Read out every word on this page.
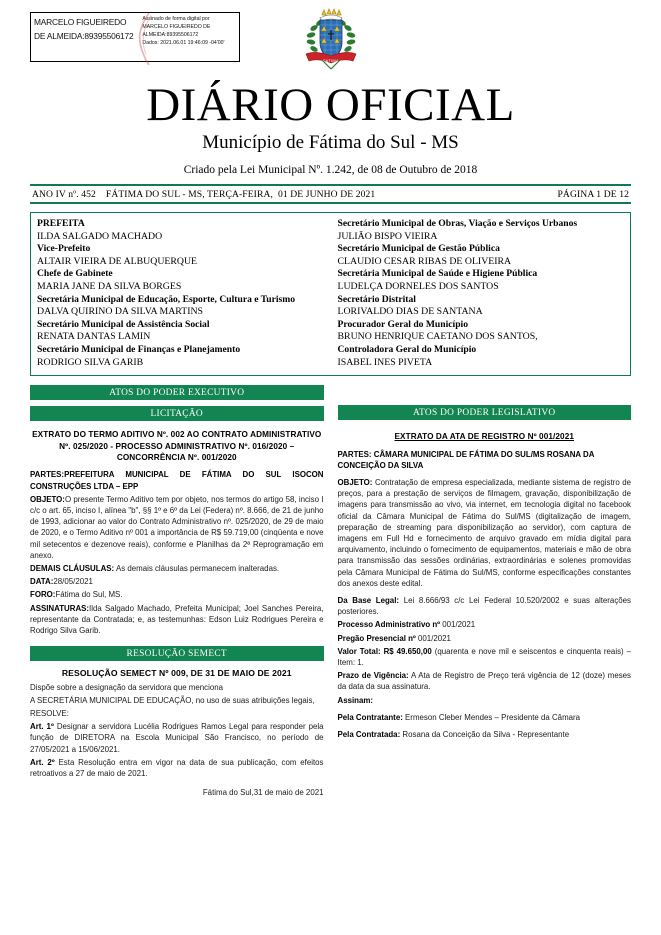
MARCELO FIGUEIREDO DE ALMEIDA:89395506172
Assinado de forma digital por
MARCELO FIGUEIREDO DE
ALMEIDA:89395506172
Dados: 2021.06.01 19:46:09 -04'00'
FATIMA
DIÁRIO OFICIAL
Município de Fátima do Sul - MS
Criado pela Lei Municipal Nº. 1.242, de 08 de Outubro de 2018
ANO IV nº. 452    FÁTIMA DO SUL - MS, TERÇA-FEIRA,  01 DE JUNHO DE 2021	PÁGINA 1 DE 12
PREFEITA
ILDA SALGADO MACHADO
Vice-Prefeito
ALTAIR VIEIRA DE ALBUQUERQUE
Chefe de Gabinete
MARIA JANE DA SILVA BORGES
Secretária Municipal de Educação, Esporte, Cultura e Turismo
DALVA QUIRINO DA SILVA MARTINS
Secretário Municipal de Assistência Social
RENATA DANTAS LAMIN
Secretário Municipal de Finanças e Planejamento
RODRIGO SILVA GARIB
Secretário Municipal de Obras, Viação e Serviços Urbanos
JULIÃO BISPO VIEIRA
Secretário Municipal de Gestão Pública
CLAUDIO CESAR RIBAS DE OLIVEIRA
Secretária Municipal de Saúde e Higiene Pública
LUDELÇA DORNELES DOS SANTOS
Secretário Distrital
LORIVALDO DIAS DE SANTANA
Procurador Geral do Município
BRUNO HENRIQUE CAETANO DOS SANTOS,
Controladora Geral do Município
ISABEL INES PIVETA
ATOS DO PODER EXECUTIVO
LICITAÇÃO
EXTRATO DO TERMO ADITIVO Nº. 002 AO CONTRATO ADMINISTRATIVO Nº. 025/2020 - PROCESSO ADMINISTRATIVO Nº. 016/2020 – CONCORRÊNCIA Nº. 001/2020
PARTES:PREFEITURA MUNICIPAL DE FÁTIMA DO SUL ISOCON CONSTRUÇÕES LTDA – EPP
OBJETO:O presente Termo Aditivo tem por objeto, nos termos do artigo 58, inciso I c/c o art. 65, inciso I, alínea "b", §§ 1º e 6º da Lei (Federa) nº. 8.666, de 21 de junho de 1993, adicionar ao valor do Contrato Administrativo nº. 025/2020, de 29 de maio de 2020, e o Termo Aditivo nº 001 a importância de R$ 59.719,00 (cinqüenta e nove mil setecentos e dezenove reais), conforme e Planilhas da 2ª Reprogramação em anexo.
DEMAIS CLÁUSULAS: As demais cláusulas permanecem inalteradas.
DATA:28/05/2021
FORO:Fátima do Sul, MS.
ASSINATURAS:Ilda Salgado Machado, Prefeita Municipal; Joel Sanches Pereira, representante da Contratada; e, as testemunhas: Edson Luiz Rodrigues Pereira e Rodrigo Silva Garib.
RESOLUÇÃO SEMECT
RESOLUÇÃO SEMECT Nº 009, DE 31 DE MAIO DE 2021
Dispõe sobre a designação da servidora que menciona
A SECRETÁRIA MUNICIPAL DE EDUCAÇÃO, no uso de suas atribuições legais,
RESOLVE:
Art. 1º Designar a servidora Lucélia Rodrigues Ramos Legal para responder pela função de DIRETORA na Escola Municipal São Francisco, no período de 27/05/2021 a 15/06/2021.
Art. 2º Esta Resolução entra em vigor na data de sua publicação, com efeitos retroativos a 27 de maio de 2021.
Fátima do Sul,31 de maio de 2021
ATOS DO PODER LEGISLATIVO
EXTRATO DA ATA DE REGISTRO Nº 001/2021
PARTES: CÂMARA MUNICIPAL DE FÁTIMA DO SUL/MS ROSANA DA CONCEIÇÃO DA SILVA
OBJETO: Contratação de empresa especializada, mediante sistema de registro de preços, para a prestação de serviços de filmagem, gravação, disponibilização de imagens para transmissão ao vivo, via internet, em tecnologia digital no facebook oficial da Câmara Municipal de Fátima do Sul/MS (digitalização de imagem, preparação de streaming para disponibilização ao servidor), com captura de imagens em Full Hd e fornecimento de arquivo gravado em mídia digital para arquivamento, incluindo o fornecimento de equipamentos, materiais e mão de obra para transmissão das sessões ordinárias, extraordinárias e solenes promovidas pela Câmara Municipal de Fátima do Sul/MS, conforme especificações constantes dos anexos deste edital.
Da Base Legal: Lei 8.666/93 c/c Lei Federal 10.520/2002 e suas alterações posteriores.
Processo Administrativo nº 001/2021
Pregão Presencial nº 001/2021
Valor Total: R$ 49.650,00 (quarenta e nove mil e seiscentos e cinquenta reais) – Item: 1.
Prazo de Vigência: A Ata de Registro de Preço terá vigência de 12 (doze) meses da data da sua assinatura.
Assinam:
Pela Contratante: Ermeson Cleber Mendes – Presidente da Câmara
Pela Contratada: Rosana da Conceição da Silva - Representante
